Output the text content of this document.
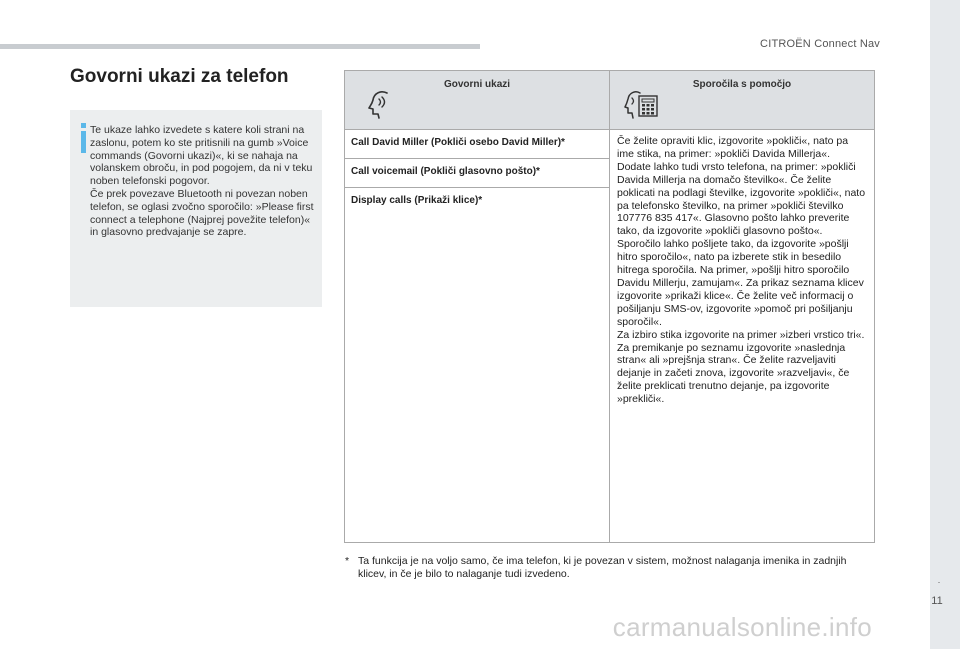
CITROËN Connect Nav
.
11
Govorni ukazi za telefon
Te ukaze lahko izvedete s katere koli strani na zaslonu, potem ko ste pritisnili na gumb »Voice commands (Govorni ukazi)«, ki se nahaja na volanskem obroču, in pod pogojem, da ni v teku noben telefonski pogovor.
Če prek povezave Bluetooth ni povezan noben telefon, se oglasi zvočno sporočilo: »Please first connect a telephone (Najprej povežite telefon)« in glasovno predvajanje se zapre.
Govorni ukazi	Sporočila s pomočjo

Call David Miller (Pokliči osebo David Miller)*	Če želite opraviti klic, izgovorite »pokliči«, nato pa ime stika, na primer: »pokliči Davida Millerja«. Dodate lahko tudi vrsto telefona, na primer: »pokliči Davida Millerja na domačo številko«. Če želite poklicati na podlagi številke, izgovorite »pokliči«, nato pa telefonsko številko, na primer »pokliči številko 107776 835 417«. Glasovno pošto lahko preverite tako, da izgovorite »pokliči glasovno pošto«. Sporočilo lahko pošljete tako, da izgovorite »pošlji hitro sporočilo«, nato pa izberete stik in besedilo hitrega sporočila. Na primer, »pošlji hitro sporočilo Davidu Millerju, zamujam«. Za prikaz seznama klicev izgovorite »prikaži klice«. Če želite več informacij o pošiljanju SMS-ov, izgovorite »pomoč pri pošiljanju sporočil«.
Za izbiro stika izgovorite na primer »izberi vrstico tri«. Za premikanje po seznamu izgovorite »naslednja stran« ali »prejšnja stran«. Če želite razveljaviti dejanje in začeti znova, izgovorite »razveljavi«, če želite preklicati trenutno dejanje, pa izgovorite »prekliči«.
Call voicemail (Pokliči glasovno pošto)*	
Display calls (Prikaži klice)*	
* Ta funkcija je na voljo samo, če ima telefon, ki je povezan v sistem, možnost nalaganja imenika in zadnjih klicev, in če je bilo to nalaganje tudi izvedeno.
carmanualsonline.info
